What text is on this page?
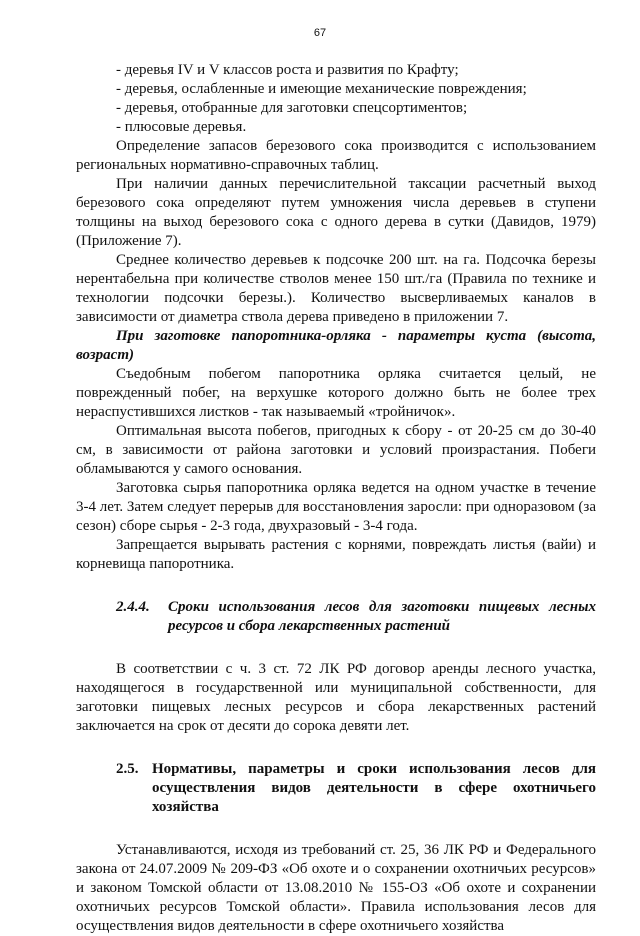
67

- деревья IV и V классов роста и развития по Крафту;

- деревья, ослабленные и имеющие механические повреждения;

- деревья, отобранные для заготовки спецсортиментов;

- плюсовые деревья.

Определение запасов березового сока производится с использованием региональных нормативно-справочных таблиц.

При наличии данных перечислительной таксации расчетный выход березового сока определяют путем умножения числа деревьев в ступени толщины на выход березового сока с одного дерева в сутки (Давидов, 1979) (Приложение 7).

Среднее количество деревьев к подсочке 200 шт. на га. Подсочка березы нерентабельна при количестве стволов менее 150 шт./га (Правила по технике и технологии подсочки березы.). Количество высверливаемых каналов в зависимости от диаметра ствола дерева приведено в приложении 7.

При заготовке папоротника-орляка - параметры куста (высота, возраст)

Съедобным побегом папоротника орляка считается целый, не поврежденный побег, на верхушке которого должно быть не более трех нераспустившихся листков - так называемый «тройничок».

Оптимальная высота побегов, пригодных к сбору - от 20-25 см до 30-40 см, в зависимости от района заготовки и условий произрастания. Побеги обламываются у самого основания.

Заготовка сырья папоротника орляка ведется на одном участке в течение 3-4 лет. Затем следует перерыв для восстановления заросли: при одноразовом (за сезон) сборе сырья - 2-3 года, двухразовый - 3-4 года.

Запрещается вырывать растения с корнями, повреждать листья (вайи) и корневища папоротника.

2.4.4.	Сроки использования лесов для заготовки пищевых лесных ресурсов и сбора лекарственных растений

В соответствии с ч. 3 ст. 72 ЛК РФ договор аренды лесного участка, находящегося в государственной или муниципальной собственности, для заготовки пищевых лесных ресурсов и сбора лекарственных растений заключается на срок от десяти до сорока девяти лет.

2.5. Нормативы, параметры и сроки использования лесов для осуществления видов деятельности в сфере охотничьего хозяйства

Устанавливаются, исходя из требований ст. 25, 36 ЛК РФ и Федерального закона от 24.07.2009 № 209-ФЗ «Об охоте и о сохранении охотничьих ресурсов» и законом Томской области от 13.08.2010 № 155-ОЗ «Об охоте и сохранении охотничьих ресурсов Томской области». Правила использования лесов для осуществления видов деятельности в сфере охотничьего хозяйства
